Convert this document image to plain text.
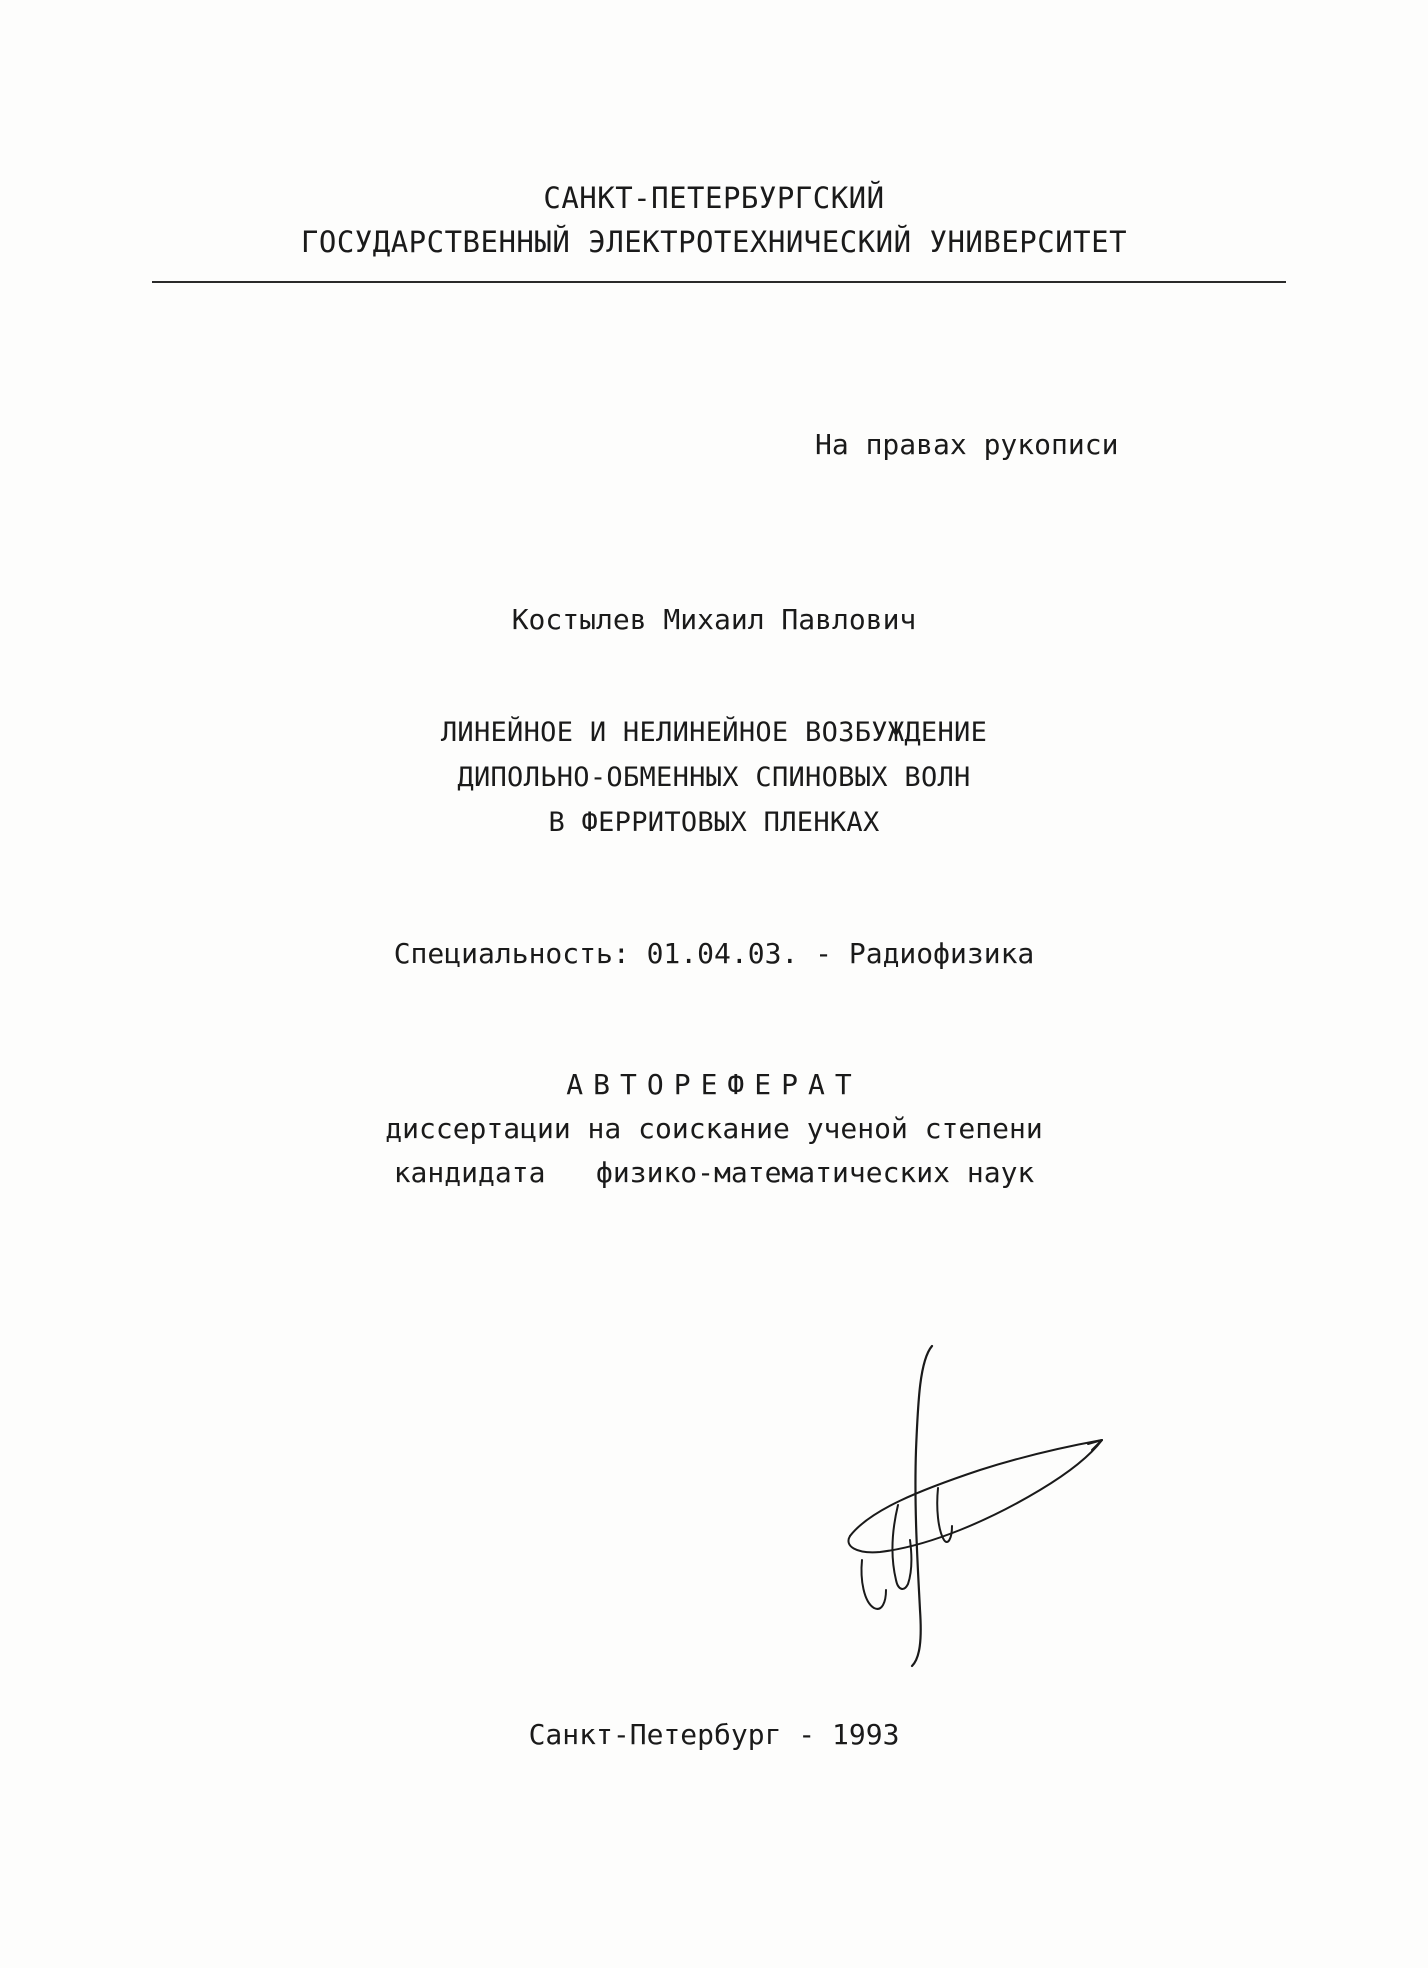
САНКТ-ПЕТЕРБУРГСКИЙ
ГОСУДАРСТВЕННЫЙ ЭЛЕКТРОТЕХНИЧЕСКИЙ УНИВЕРСИТЕТ
На правах рукописи
Костылев Михаил Павлович
ЛИНЕЙНОЕ И НЕЛИНЕЙНОЕ ВОЗБУЖДЕНИЕ
ДИПОЛЬНО-ОБМЕННЫХ СПИНОВЫХ ВОЛН
В ФЕРРИТОВЫХ ПЛЕНКАХ
Специальность: 01.04.03. - Радиофизика
АВТОРЕФЕРАТ
диссертации на соискание ученой степени
кандидата   физико-математических наук
Санкт-Петербург - 1993
